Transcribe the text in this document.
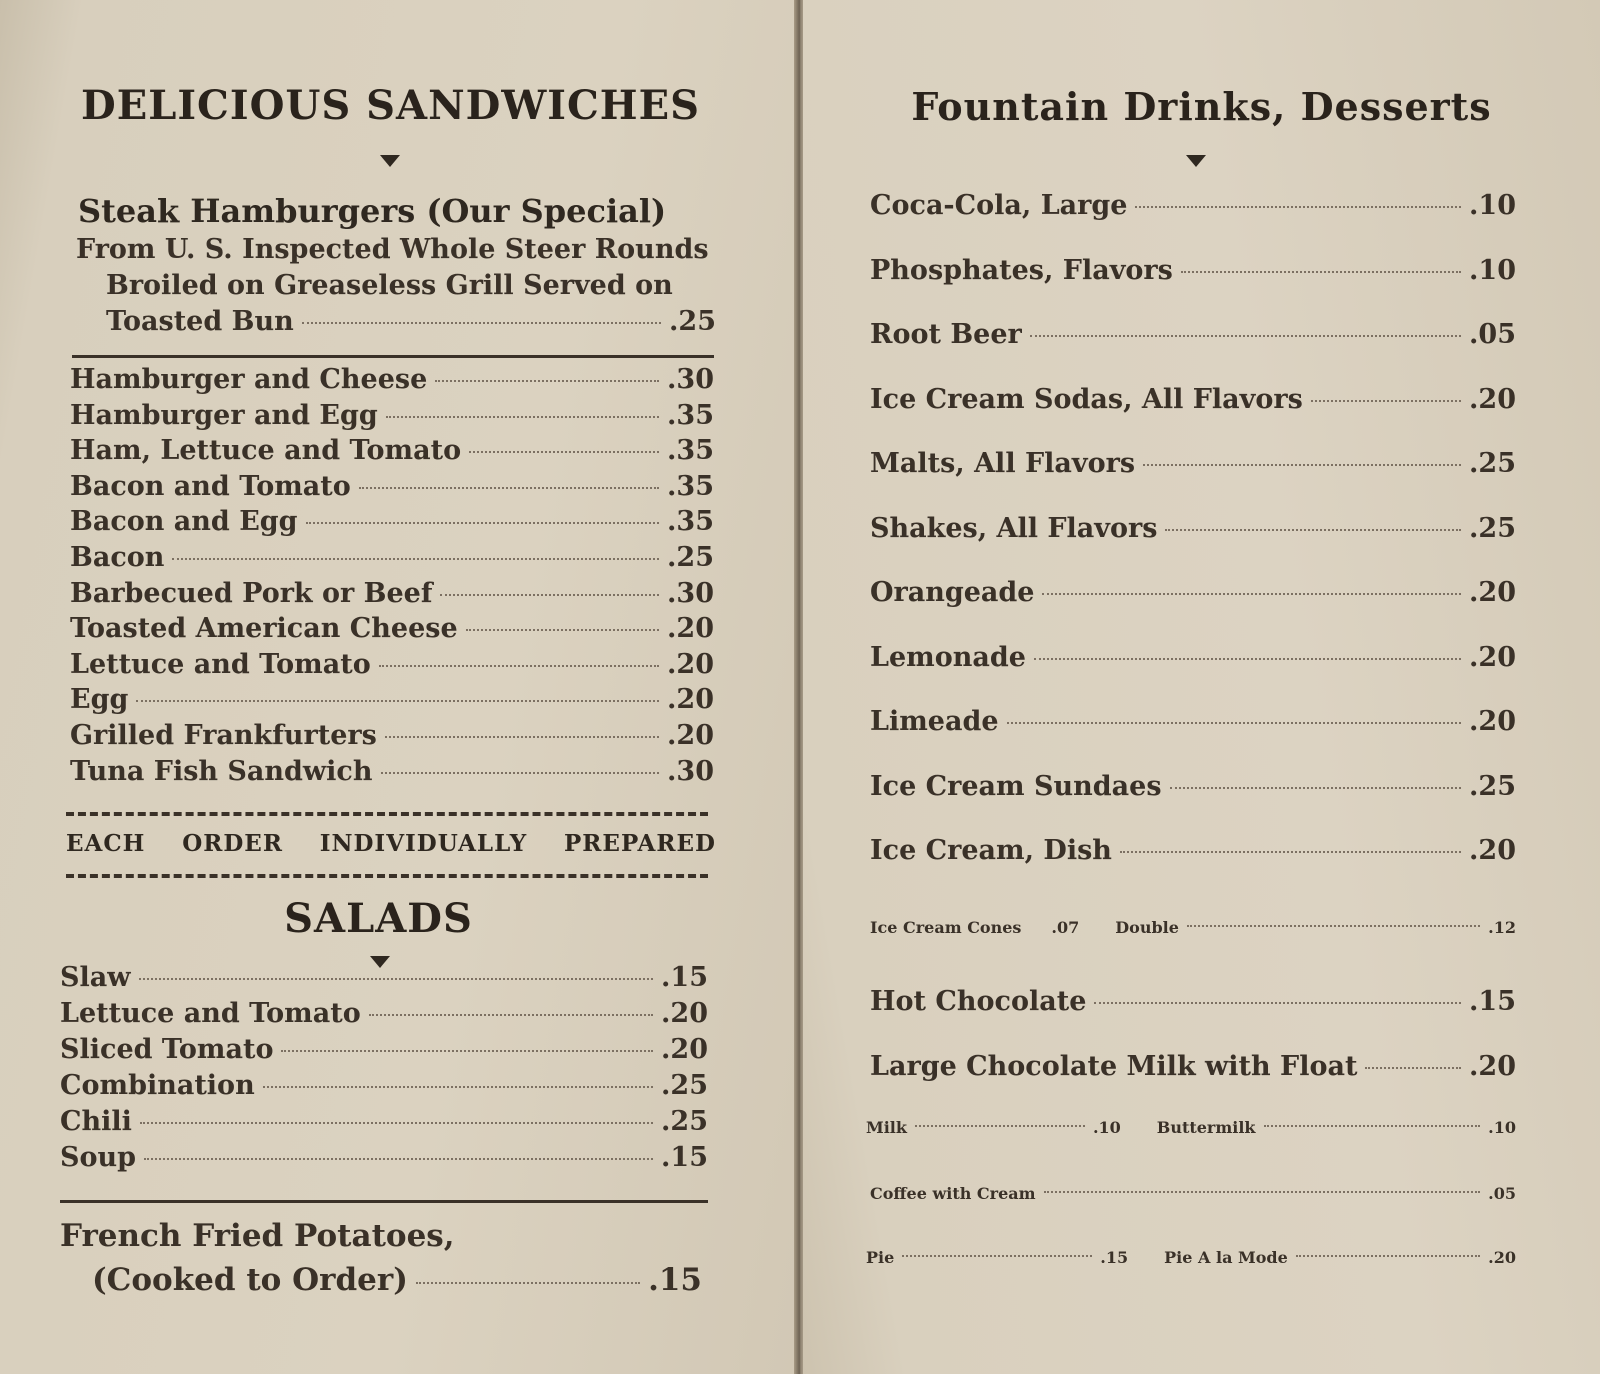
DELICIOUS SANDWICHES
Steak Hamburgers (Our Special)
From U. S. Inspected Whole Steer Rounds
Broiled on Greaseless Grill Served on
Toasted Bun	.25
Hamburger and Cheese	.30
Hamburger and Egg	.35
Ham, Lettuce and Tomato	.35
Bacon and Tomato	.35
Bacon and Egg	.35
Bacon	.25
Barbecued Pork or Beef	.30
Toasted American Cheese	.20
Lettuce and Tomato	.20
Egg	.20
Grilled Frankfurters	.20
Tuna Fish Sandwich	.30
EACH ORDER INDIVIDUALLY PREPARED
SALADS
Slaw	.15
Lettuce and Tomato	.20
Sliced Tomato	.20
Combination	.25
Chili	.25
Soup	.15
French Fried Potatoes,
(Cooked to Order)	.15
Fountain Drinks, Desserts
Coca-Cola, Large	.10
Phosphates, Flavors	.10
Root Beer	.05
Ice Cream Sodas, All Flavors	.20
Malts, All Flavors	.25
Shakes, All Flavors	.25
Orangeade	.20
Lemonade	.20
Limeade	.20
Ice Cream Sundaes	.25
Ice Cream, Dish	.20
Ice Cream Cones .07 Double	.12
Hot Chocolate	.15
Large Chocolate Milk with Float	.20
Milk	.10 Buttermilk	.10
Coffee with Cream	.05
Pie	.15 Pie A la Mode	.20
